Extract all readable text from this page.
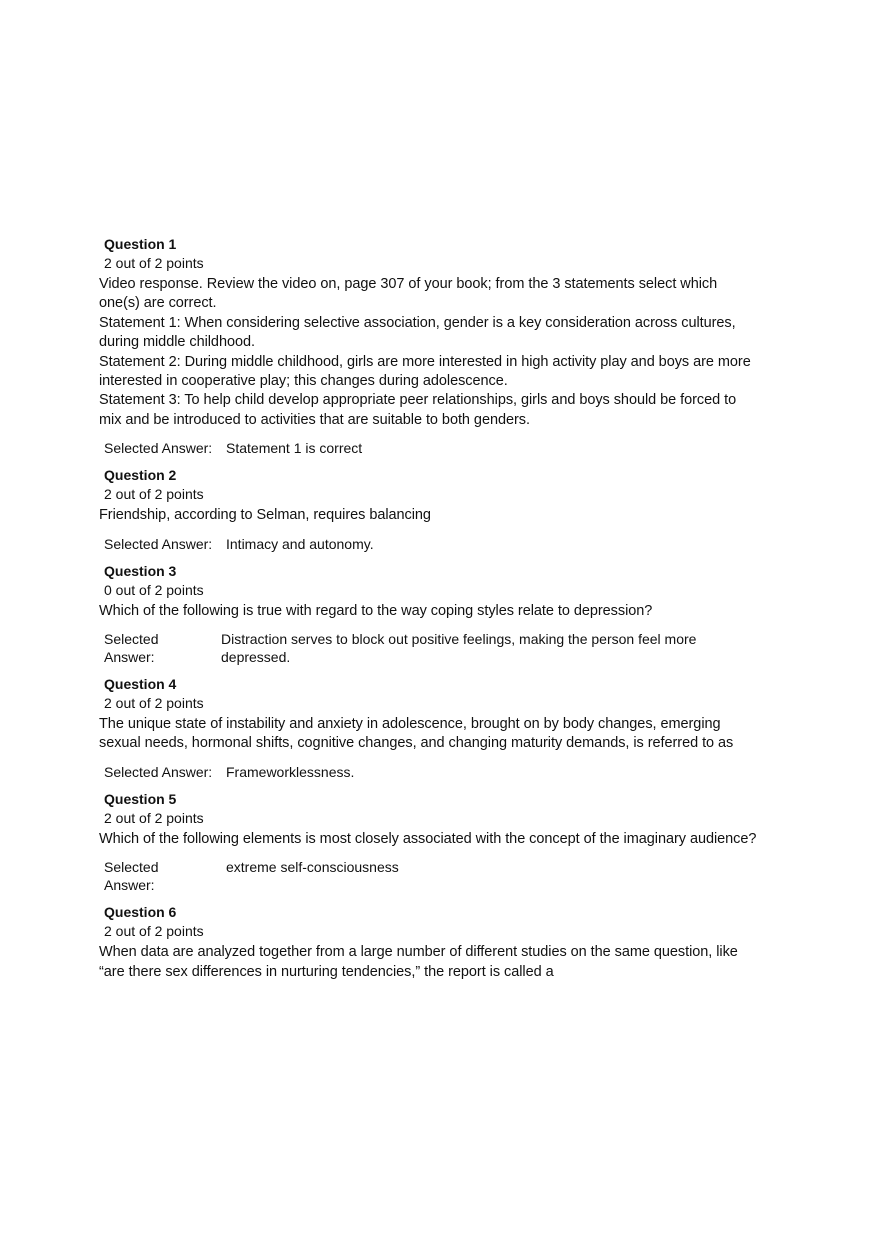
Question 1
2 out of 2 points

Video response. Review the video on, page 307 of your book; from the 3 statements select which one(s) are correct.

Statement 1: When considering selective association, gender is a key consideration across cultures, during middle childhood.

Statement 2: During middle childhood, girls are more interested in high activity play and boys are more interested in cooperative play; this changes during adolescence.

Statement 3: To help child develop appropriate peer relationships, girls and boys should be forced to mix and be introduced to activities that are suitable to both genders.

Selected Answer: Statement 1 is correct
Question 2
2 out of 2 points

Friendship, according to Selman, requires balancing

Selected Answer: Intimacy and autonomy.
Question 3
0 out of 2 points

Which of the following is true with regard to the way coping styles relate to depression?

Selected
Answer:
Distraction serves to block out positive feelings, making the person feel more depressed.
Question 4
2 out of 2 points

The unique state of instability and anxiety in adolescence, brought on by body changes, emerging sexual needs, hormonal shifts, cognitive changes, and changing maturity demands, is referred to as

Selected Answer: Frameworklessness.
Question 5
2 out of 2 points

Which of the following elements is most closely associated with the concept of the imaginary audience?

Selected
Answer:
extreme self-consciousness
Question 6
2 out of 2 points

When data are analyzed together from a large number of different studies on the same question, like “are there sex differences in nurturing tendencies,” the report is called a
